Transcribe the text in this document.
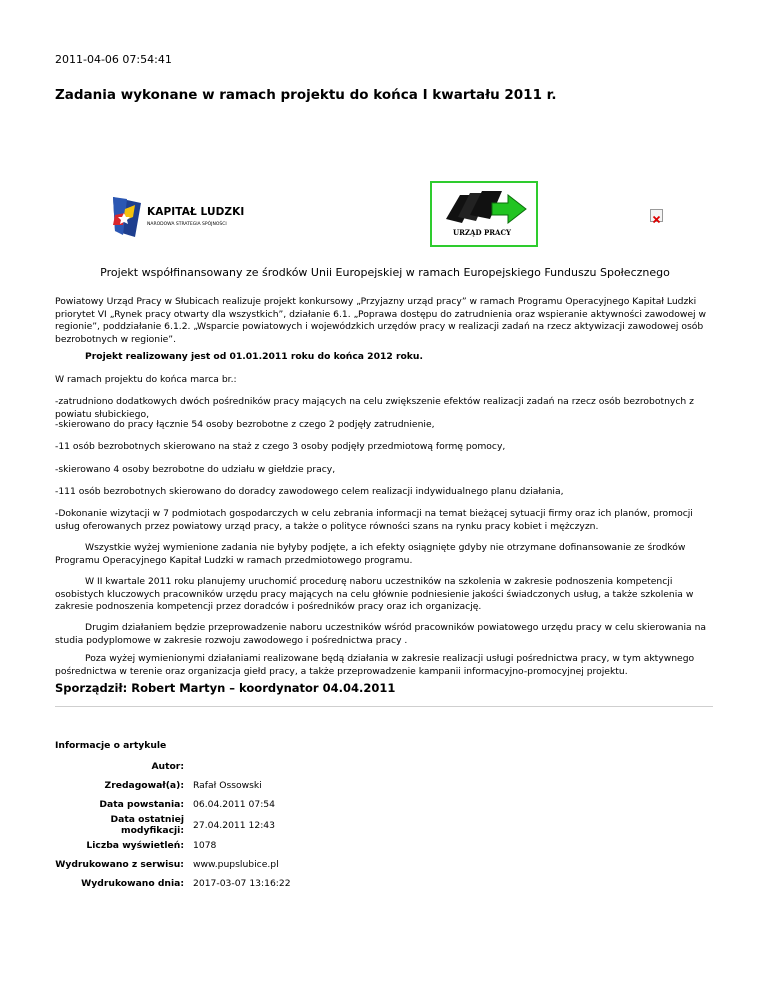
2011-04-06 07:54:41
Zadania wykonane w ramach projektu do końca I kwartału 2011 r.
KAPITAŁ LUDZKI
NARODOWA STRATEGIA SPÓJNOŚCI
URZĄD PRACY
Projekt współfinansowany ze środków Unii Europejskiej w ramach Europejskiego Funduszu Społecznego

Powiatowy Urząd Pracy w Słubicach realizuje projekt konkursowy „Przyjazny urząd pracy” w ramach Programu Operacyjnego Kapitał Ludzki priorytet VI „Rynek pracy otwarty dla wszystkich”, działanie 6.1. „Poprawa dostępu do zatrudnienia oraz wspieranie aktywności zawodowej w regionie”, poddziałanie 6.1.2. „Wsparcie powiatowych i wojewódzkich urzędów pracy w realizacji zadań na rzecz aktywizacji zawodowej osób bezrobotnych w regionie”.

Projekt realizowany jest od 01.01.2011 roku do końca 2012 roku.

W ramach projektu do końca marca br.:

-zatrudniono dodatkowych dwóch pośredników pracy mających na celu zwiększenie efektów realizacji zadań na rzecz osób bezrobotnych z powiatu słubickiego,

-skierowano do pracy łącznie 54 osoby bezrobotne z czego 2 podjęły zatrudnienie,

-11 osób bezrobotnych skierowano na staż z czego 3 osoby podjęły przedmiotową formę pomocy,

-skierowano 4 osoby bezrobotne do udziału w giełdzie pracy,

-111 osób bezrobotnych skierowano do doradcy zawodowego celem realizacji indywidualnego planu działania,

-Dokonanie wizytacji w 7 podmiotach gospodarczych w celu zebrania informacji na temat bieżącej sytuacji firmy oraz ich planów, promocji usług oferowanych przez powiatowy urząd pracy, a także o polityce równości szans na rynku pracy kobiet i mężczyzn.

Wszystkie wyżej wymienione zadania nie byłyby podjęte, a ich efekty osiągnięte gdyby nie otrzymane dofinansowanie ze środków Programu Operacyjnego Kapitał Ludzki w ramach przedmiotowego programu.

W II kwartale 2011 roku planujemy uruchomić procedurę naboru uczestników na szkolenia w zakresie podnoszenia kompetencji osobistych kluczowych pracowników urzędu pracy mających na celu głównie podniesienie jakości świadczonych usług, a także szkolenia w zakresie podnoszenia kompetencji przez doradców i pośredników pracy oraz ich organizację.

Drugim działaniem będzie przeprowadzenie naboru uczestników wśród pracowników powiatowego urzędu pracy w celu skierowania na studia podyplomowe w zakresie rozwoju zawodowego i pośrednictwa pracy .

Poza wyżej wymienionymi działaniami realizowane będą działania w zakresie realizacji usługi pośrednictwa pracy, w tym aktywnego pośrednictwa w terenie oraz organizacja giełd pracy, a także przeprowadzenie kampanii informacyjno-promocyjnej projektu.

Sporządził: Robert Martyn – koordynator 04.04.2011
Informacje o artykule
Autor:	
Zredagował(a):	Rafał Ossowski
Data powstania:	06.04.2011 07:54
Data ostatniej modyfikacji:	27.04.2011 12:43
Liczba wyświetleń:	1078
Wydrukowano z serwisu:	www.pupslubice.pl
Wydrukowano dnia:	2017-03-07 13:16:22
